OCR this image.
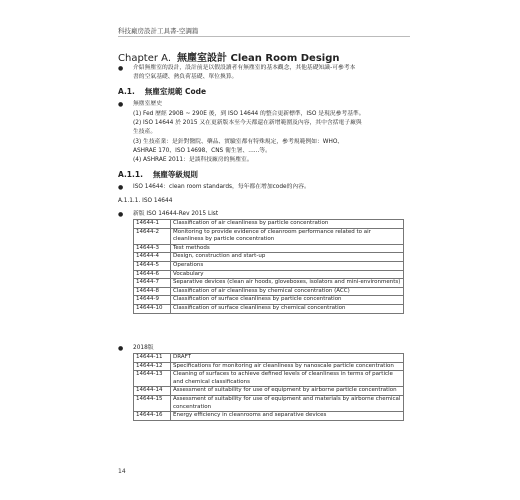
科技廠房設計工具書-空調篇
Chapter A. 無塵室設計 Clean Room Design
● 介紹無塵室的設計，設計前是以假設讀者有無塵室的基本觀念，其他基礎知識-可參考本
書的空氣基礎、熱負荷基礎、單位換算。
A.1. 無塵室規範 Code
● 無塵室歷史
(1) Fed 歷經 290B ~ 290E 後，到 ISO 14644 的整合更新標準，ISO 是現況參考基準。
(2) ISO 14644 於 2015 又在更新版本至今天都還在新增範圍及內容，其中含括電子廠與
生技產。
(3) 生技產業：是針對醫院、藥品、實驗室都有特殊規定，參考規範例如：WHO、
ASHRAE 170、ISO 14698、CNS 衛生署、......等。
(4) ASHRAE 2011：是談科技廠房的無塵室。
A.1.1. 無塵等級規則
● ISO 14644：clean room standards，每年都在增加code的內容。
A.1.1.1. ISO 14644
● 新版 ISO 14644-Rev 2015 List
14644-1	Classification of air cleanliness by particle concentration
14644-2	Monitoring to provide evidence of cleanroom performance related to air cleanliness by particle concentration
14644-3	Test methods
14644-4	Design, construction and start-up
14644-5	Operations
14644-6	Vocabulary
14644-7	Separative devices (clean air hoods, gloveboxes, isolators and mini-environments)
14644-8	Classification of air cleanliness by chemical concentration (ACC)
14644-9	Classification of surface cleanliness by particle concentration
14644-10	Classification of surface cleanliness by chemical concentration
● 2018版
14644-11	DRAFT
14644-12	Specifications for monitoring air cleanliness by nanoscale particle concentration
14644-13	Cleaning of surfaces to achieve defined levels of cleanliness in terms of particle and chemical classifications
14644-14	Assessment of suitability for use of equipment by airborne particle concentration
14644-15	Assessment of suitability for use of equipment and materials by airborne chemical concentration
14644-16	Energy efficiency in cleanrooms and separative devices
14
